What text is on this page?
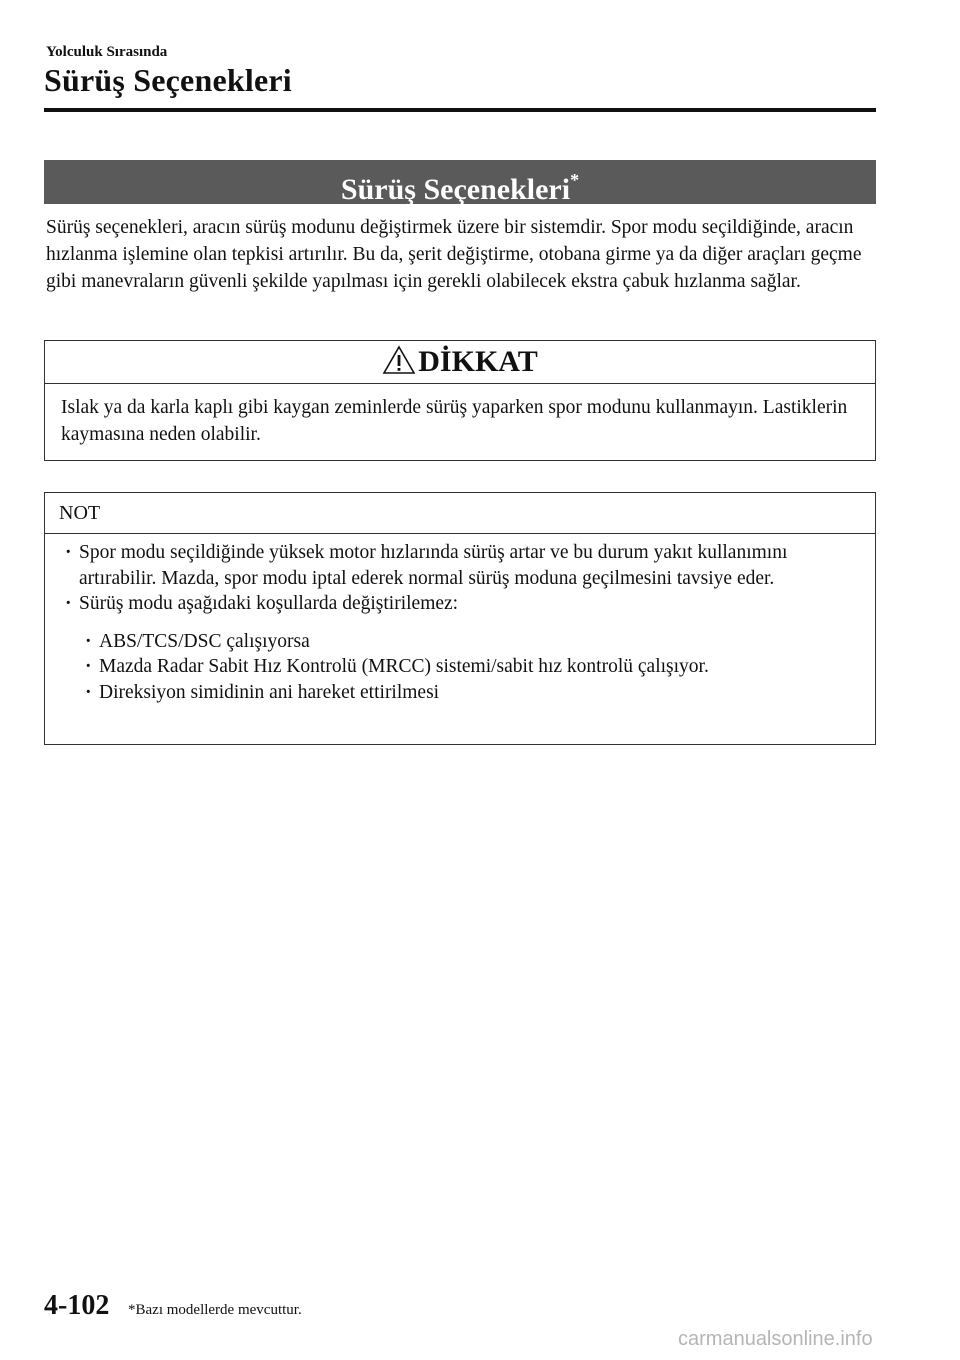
Yolculuk Sırasında
Sürüş Seçenekleri
Sürüş Seçenekleri*

Sürüş seçenekleri, aracın sürüş modunu değiştirmek üzere bir sistemdir. Spor modu seçildiğinde, aracın hızlanma işlemine olan tepkisi artırılır. Bu da, şerit değiştirme, otobana girme ya da diğer araçları geçme gibi manevraların güvenli şekilde yapılması için gerekli olabilecek ekstra çabuk hızlanma sağlar.

DİKKAT
Islak ya da karla kaplı gibi kaygan zeminlerde sürüş yaparken spor modunu kullanmayın. Lastiklerin kaymasına neden olabilir.
NOT
· Spor modu seçildiğinde yüksek motor hızlarında sürüş artar ve bu durum yakıt kullanımını artırabilir. Mazda, spor modu iptal ederek normal sürüş moduna geçilmesini tavsiye eder.
· Sürüş modu aşağıdaki koşullarda değiştirilemez:
· ABS/TCS/DSC çalışıyorsa
· Mazda Radar Sabit Hız Kontrolü (MRCC) sistemi/sabit hız kontrolü çalışıyor.
· Direksiyon simidinin ani hareket ettirilmesi
4-102 *Bazı modellerde mevcuttur.
carmanualsonline.info
